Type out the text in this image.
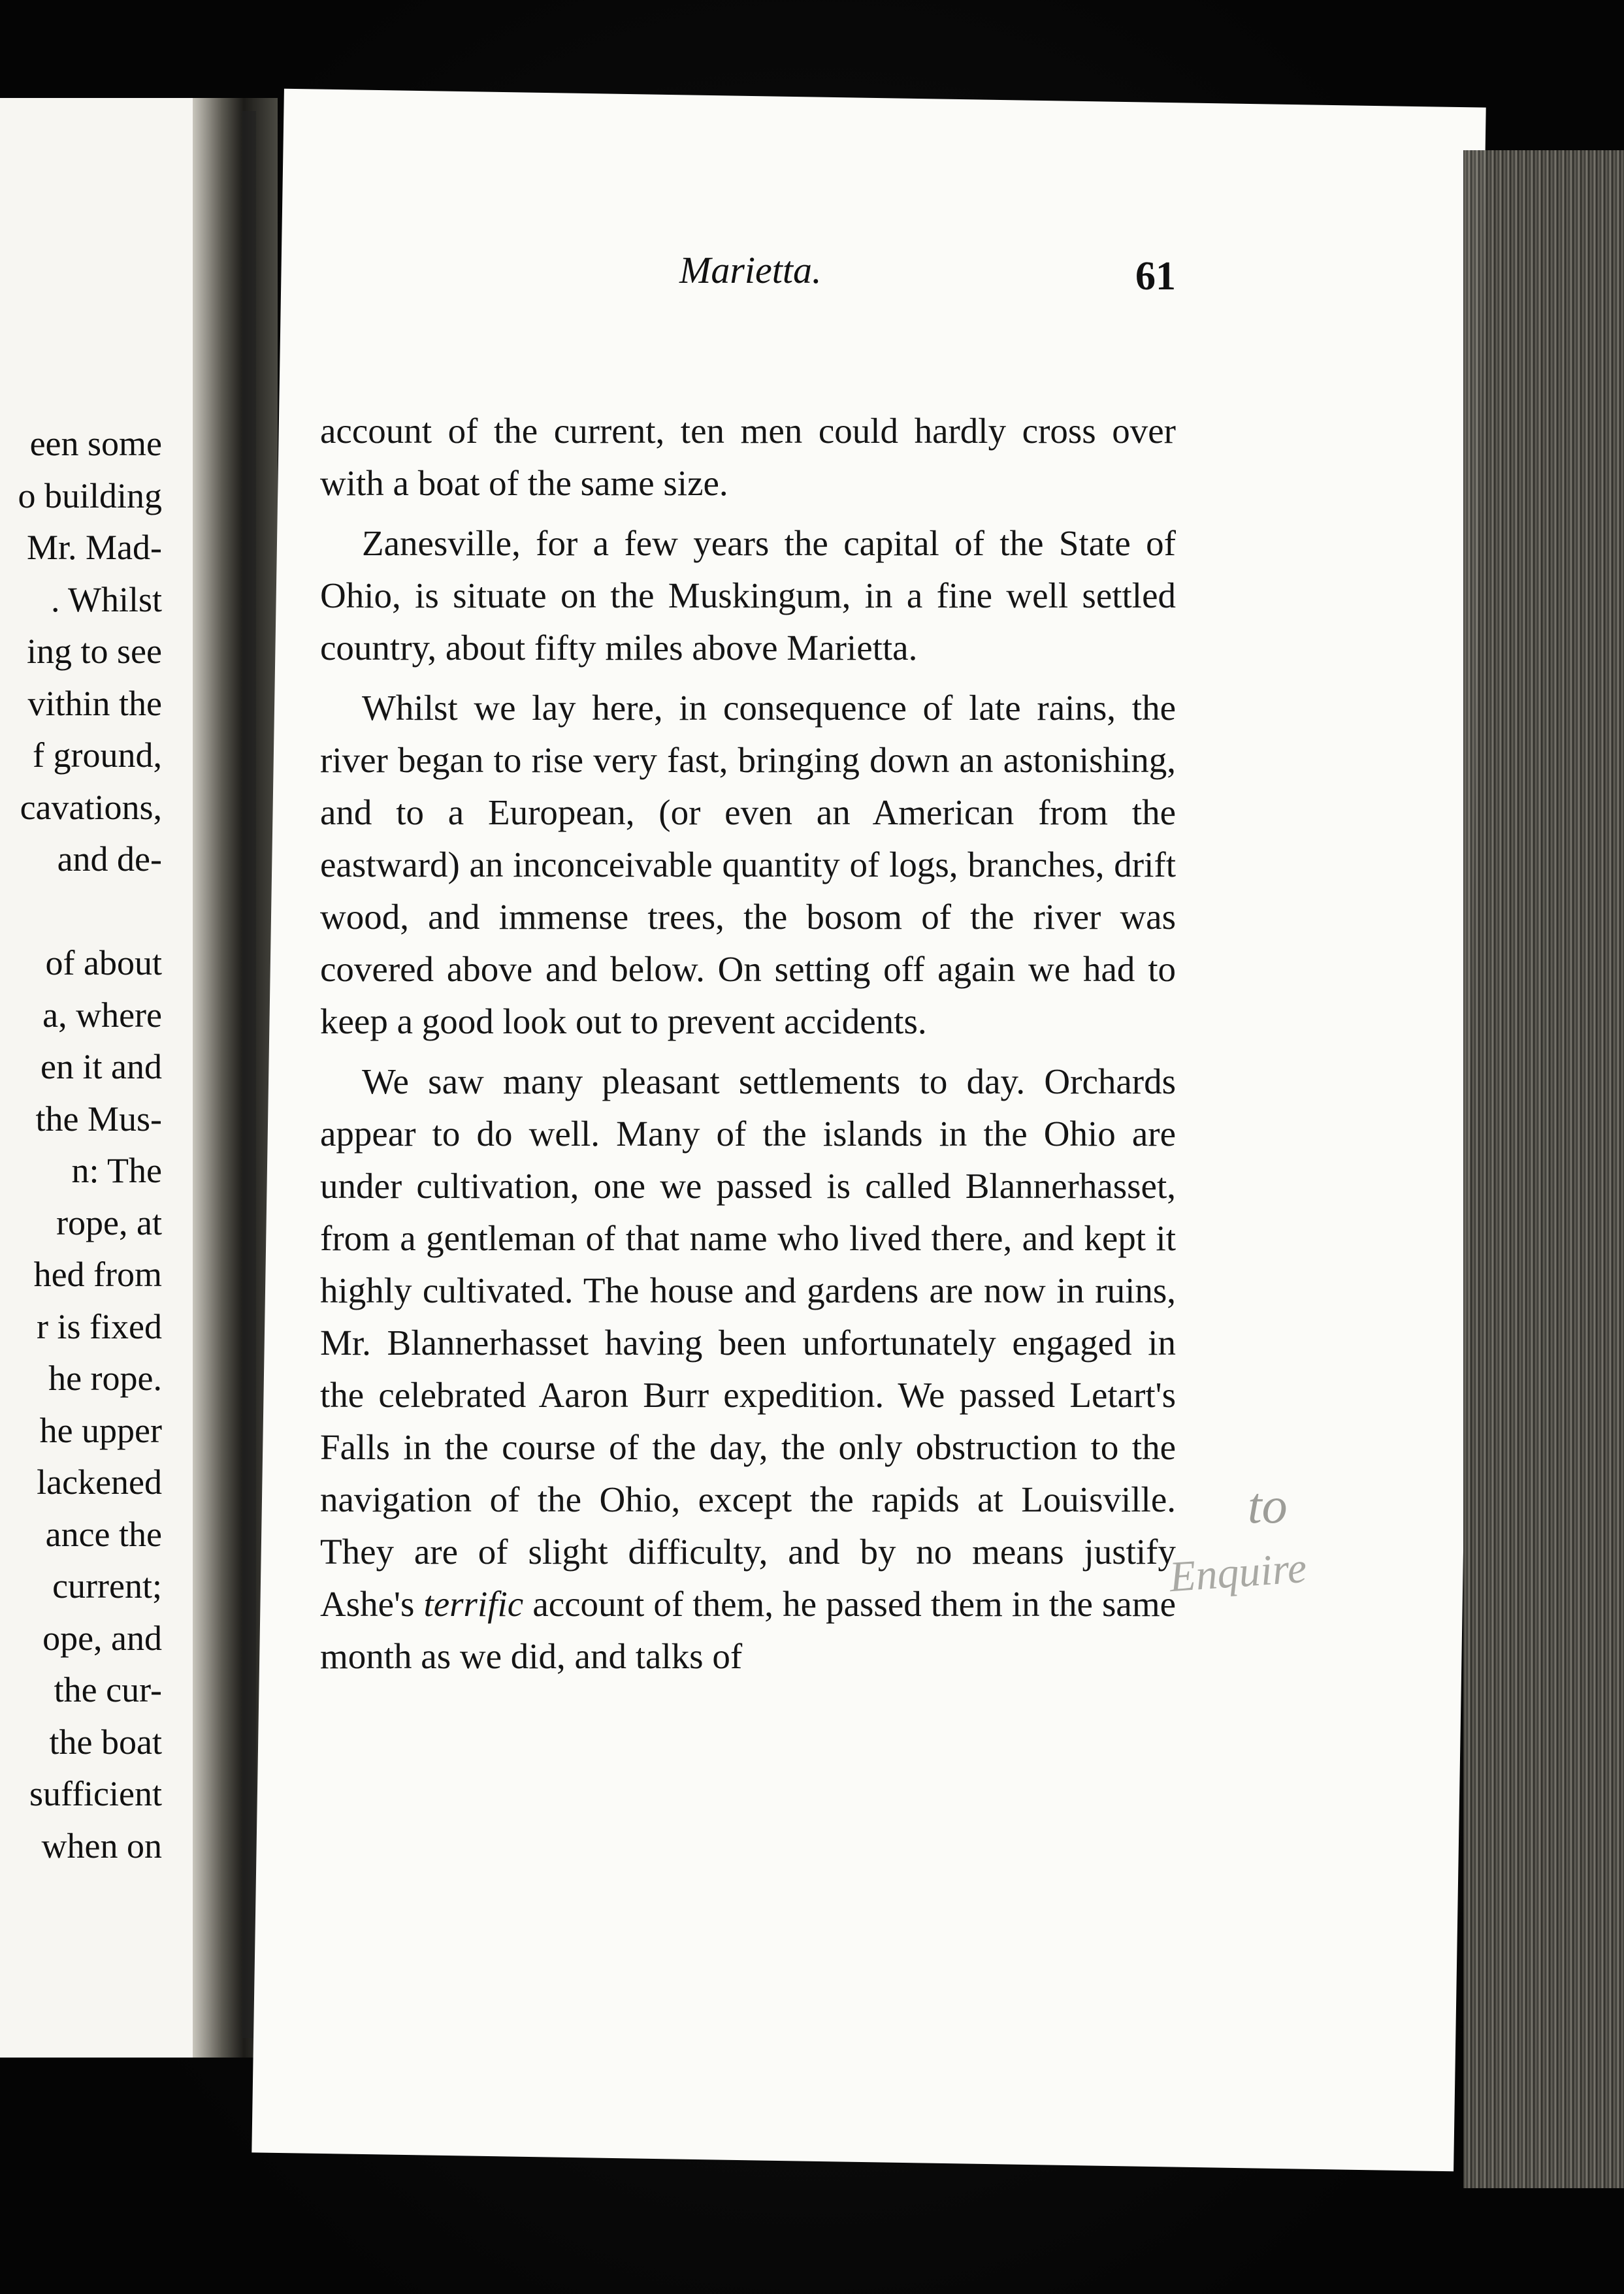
een some
o building
Mr. Mad-
. Whilst
ing to see
vithin the
f ground,
cavations,
and de-
of about
a, where
en it and
the Mus-
n: The
rope, at
hed from
r is fixed
he rope.
he upper
lackened
ance the
current;
ope, and
the cur-
the boat
sufficient
when on
Marietta.	61

account of the current, ten men could hardly cross over with a boat of the same size.

Zanesville, for a few years the capital of the State of Ohio, is situate on the Muskingum, in a fine well settled country, about fifty miles above Marietta.

Whilst we lay here, in consequence of late rains, the river began to rise very fast, bringing down an astonishing, and to a European, (or even an American from the eastward) an inconceivable quantity of logs, branches, drift wood, and immense trees, the bosom of the river was covered above and below. On setting off again we had to keep a good look out to prevent accidents.

We saw many pleasant settlements to day. Orchards appear to do well. Many of the islands in the Ohio are under cultivation, one we passed is called Blannerhasset, from a gentleman of that name who lived there, and kept it highly cultivated. The house and gardens are now in ruins, Mr. Blannerhasset having been unfortunately engaged in the celebrated Aaron Burr expedition. We passed Letart's Falls in the course of the day, the only obstruction to the navigation of the Ohio, except the rapids at Louisville. They are of slight difficulty, and by no means justify Ashe's terrific account of them, he passed them in the same month as we did, and talks of

to
Enquire
